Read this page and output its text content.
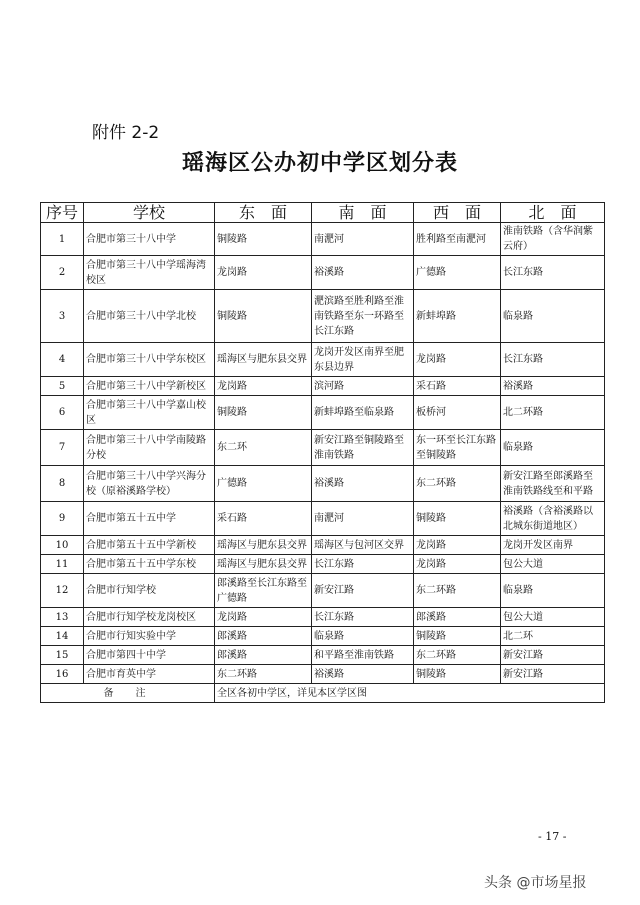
附件 2-2
瑶海区公办初中学区划分表
序号	学校	东　面	南　面	西　面	北　面
1	合肥市第三十八中学	铜陵路	南淝河	胜利路至南淝河	淮南铁路（含华润紫云府）
2	合肥市第三十八中学瑶海湾校区	龙岗路	裕溪路	广德路	长江东路
3	合肥市第三十八中学北校	铜陵路	淝滨路至胜利路至淮南铁路至东一环路至长江东路	新蚌埠路	临泉路
4	合肥市第三十八中学东校区	瑶海区与肥东县交界	龙岗开发区南界至肥东县边界	龙岗路	长江东路
5	合肥市第三十八中学新校区	龙岗路	滨河路	采石路	裕溪路
6	合肥市第三十八中学嘉山校区	铜陵路	新蚌埠路至临泉路	板桥河	北二环路
7	合肥市第三十八中学南陵路分校	东二环	新安江路至铜陵路至淮南铁路	东一环至长江东路至铜陵路	临泉路
8	合肥市第三十八中学兴海分校（原裕溪路学校）	广德路	裕溪路	东二环路	新安江路至郎溪路至淮南铁路线至和平路
9	合肥市第五十五中学	采石路	南淝河	铜陵路	裕溪路（含裕溪路以北城东街道地区）
10	合肥市第五十五中学新校	瑶海区与肥东县交界	瑶海区与包河区交界	龙岗路	龙岗开发区南界
11	合肥市第五十五中学东校	瑶海区与肥东县交界	长江东路	龙岗路	包公大道
12	合肥市行知学校	郎溪路至长江东路至广德路	新安江路	东二环路	临泉路
13	合肥市行知学校龙岗校区	龙岗路	长江东路	郎溪路	包公大道
14	合肥市行知实验中学	郎溪路	临泉路	铜陵路	北二环
15	合肥市第四十中学	郎溪路	和平路至淮南铁路	东二环路	新安江路
16	合肥市育英中学	东二环路	裕溪路	铜陵路	新安江路
备　注		全区各初中学区，详见本区学区图			
- 17 -
头条 @市场星报
